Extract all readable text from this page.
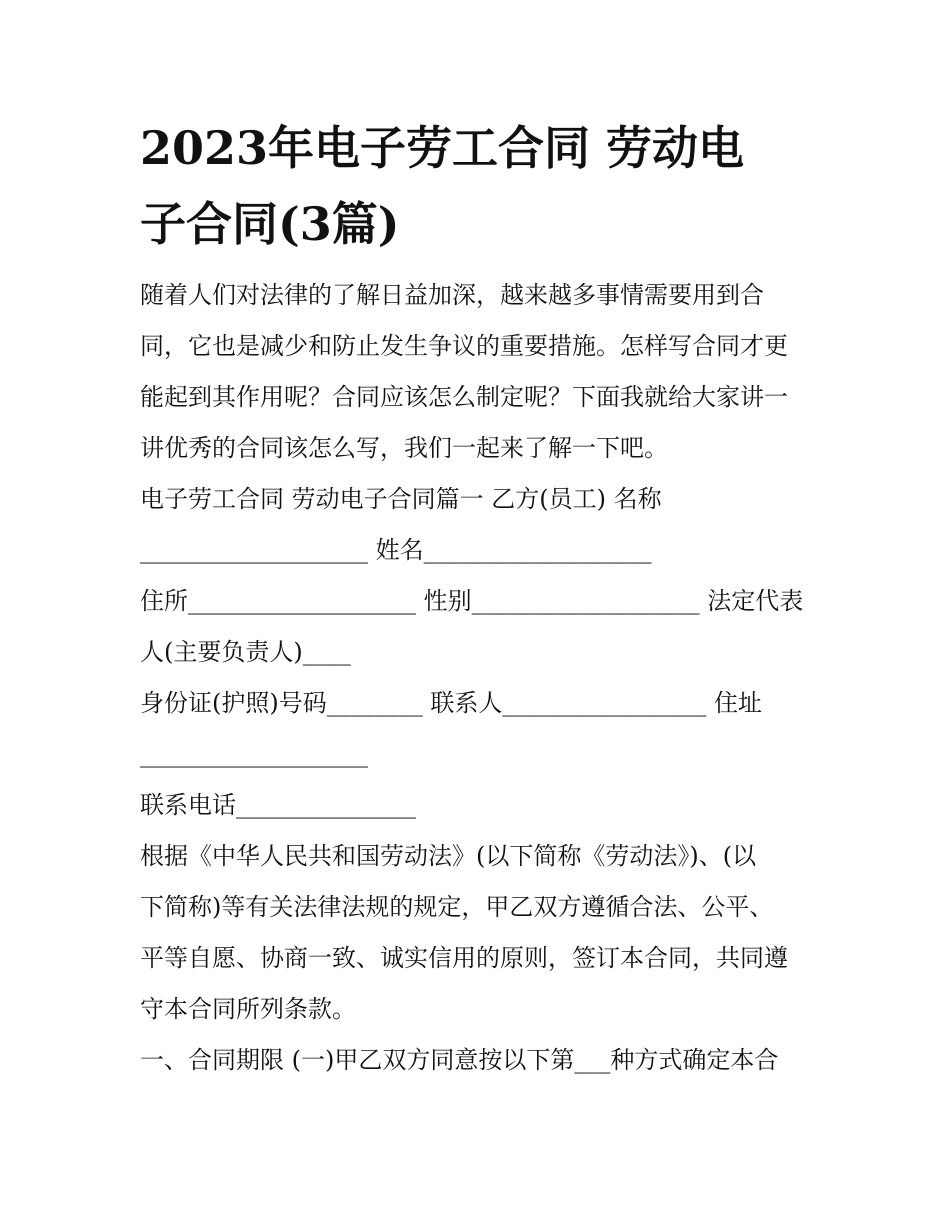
2023年电子劳工合同 劳动电
子合同(3篇)
随着人们对法律的了解日益加深，越来越多事情需要用到合
同，它也是减少和防止发生争议的重要措施。怎样写合同才更
能起到其作用呢？合同应该怎么制定呢？下面我就给大家讲一
讲优秀的合同该怎么写，我们一起来了解一下吧。
电子劳工合同 劳动电子合同篇一 乙方(员工) 名称
___________________ 姓名___________________
住所___________________ 性别___________________ 法定代表
人(主要负责人)____
身份证(护照)号码________ 联系人_________________ 住址
___________________
联系电话_______________
根据《中华人民共和国劳动法》(以下简称《劳动法》)、(以
下简称)等有关法律法规的规定，甲乙双方遵循合法、公平、
平等自愿、协商一致、诚实信用的原则，签订本合同，共同遵
守本合同所列条款。
一、合同期限 (一)甲乙双方同意按以下第___种方式确定本合
